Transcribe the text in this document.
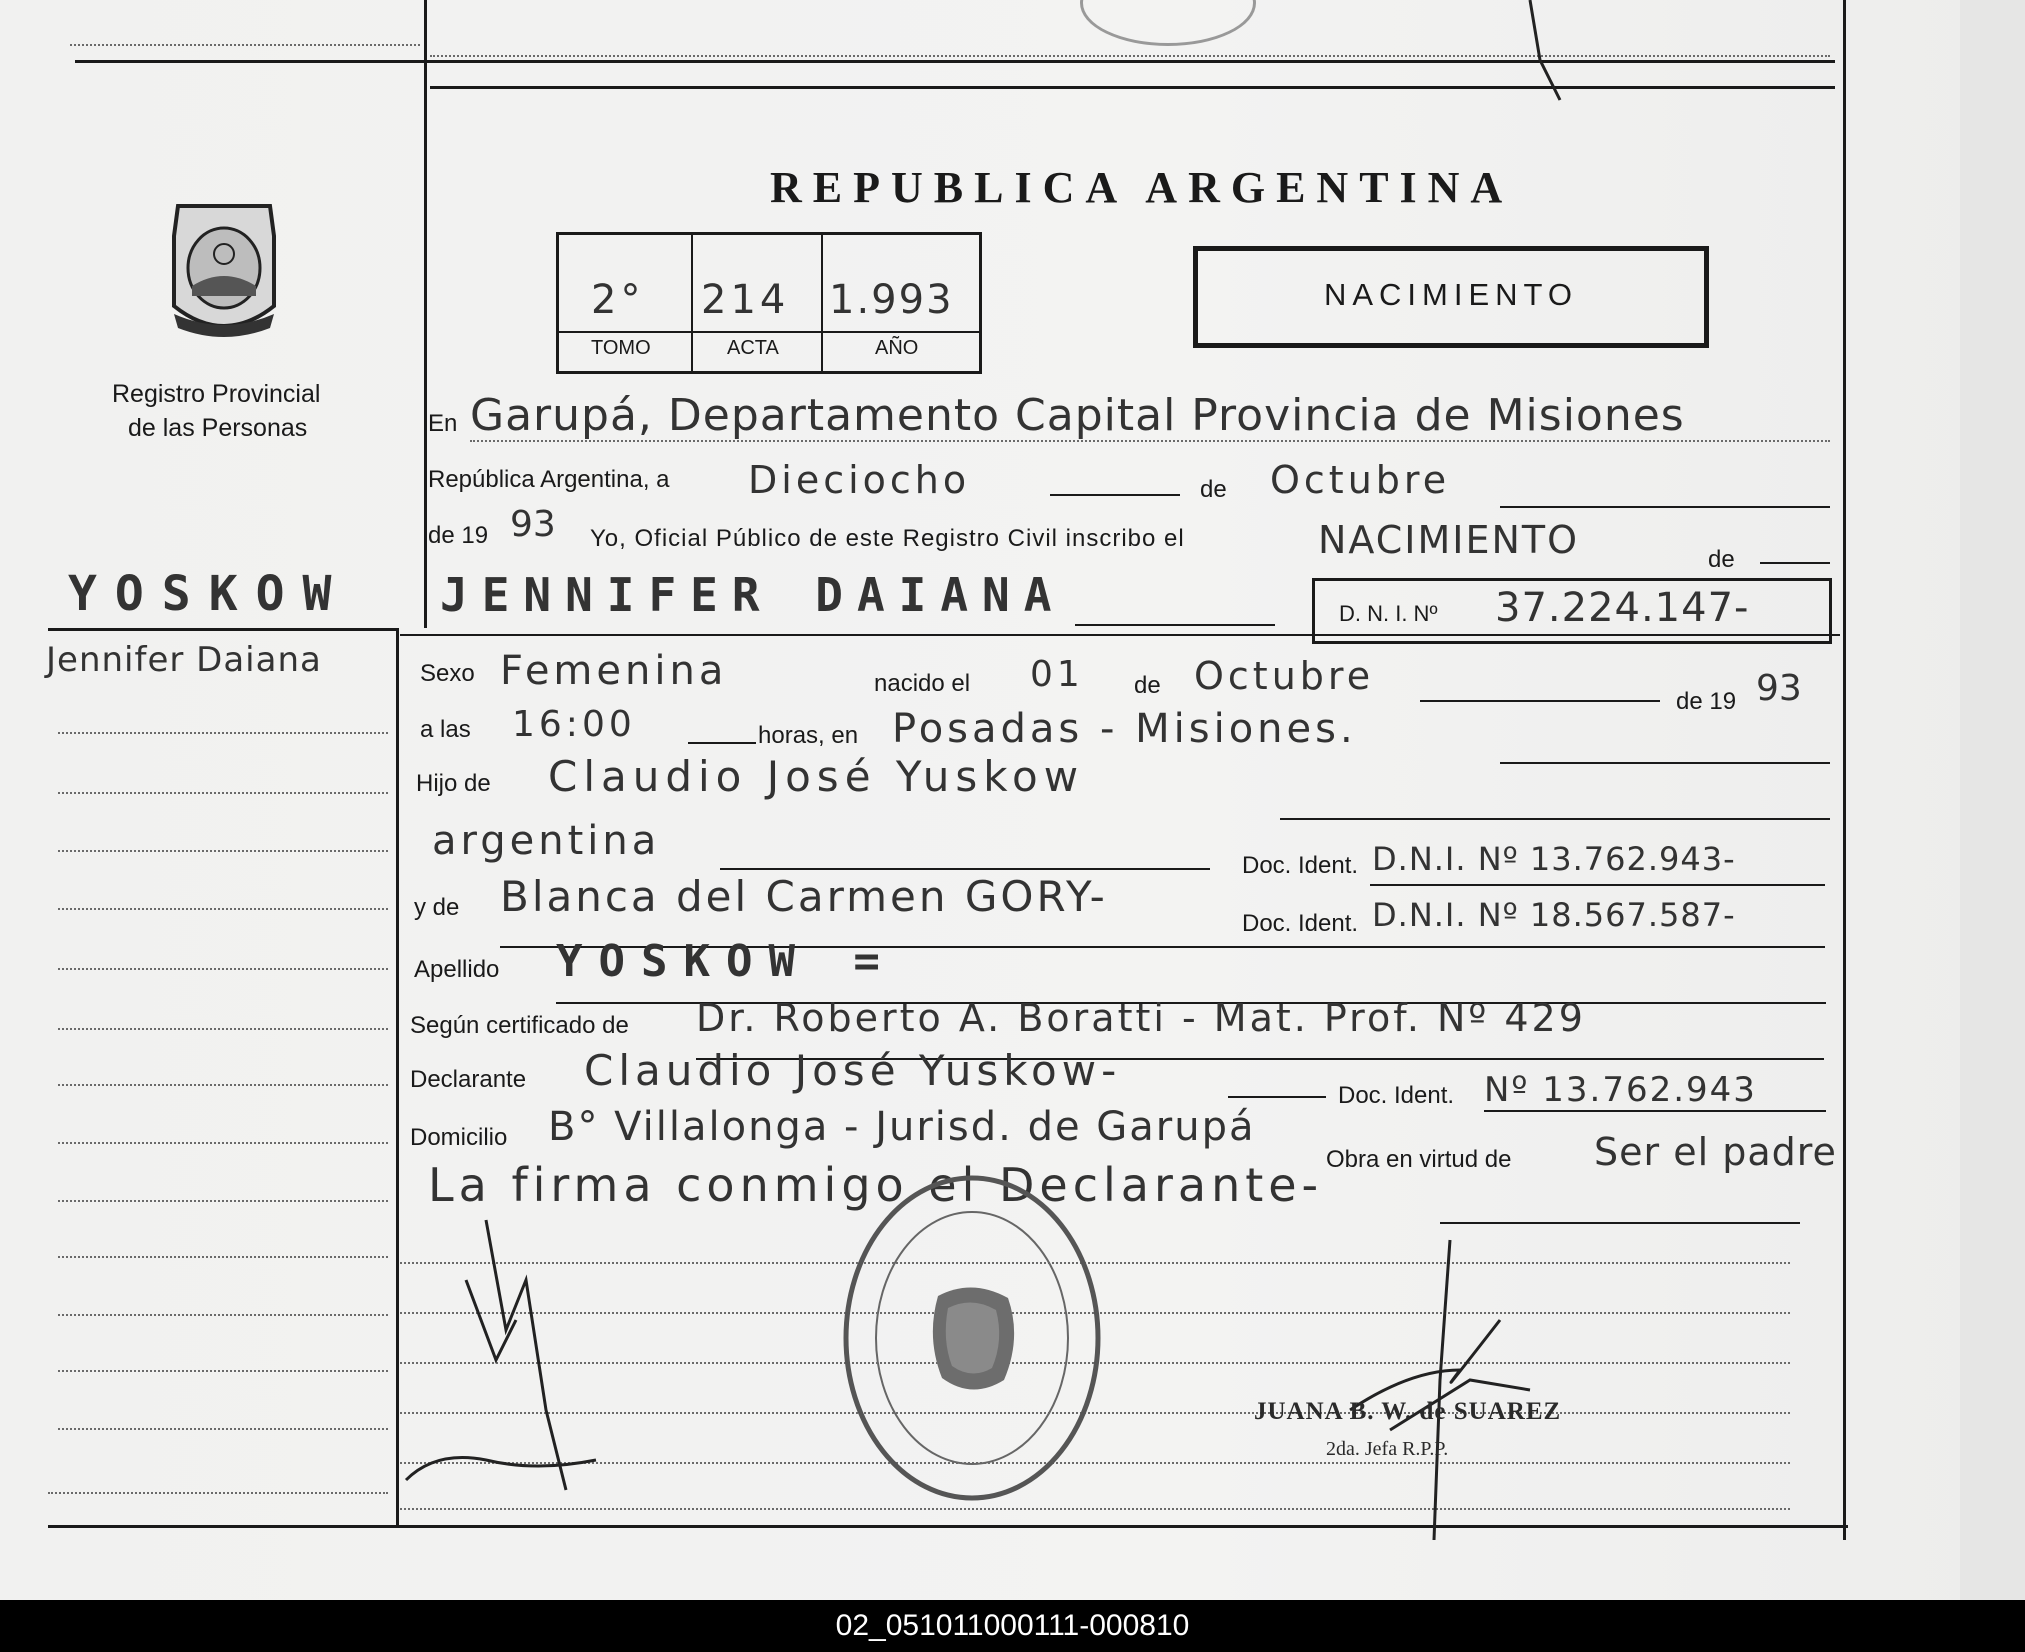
Registro Provincial
de las Personas
REPUBLICA ARGENTINA
2° 214 1.993
TOMO	ACTA	AÑO
NACIMIENTO
En Garupá, Departamento Capital Provincia de Misiones
República Argentina, a Dieciocho	de Octubre
de 19 93 Yo, Oficial Público de este Registro Civil inscribo el	NACIMIENTO	de
JENNIFER DAIANA	D. N. I. Nº 37.224.147-
YOSKOW
Jennifer Daiana	Sexo Femenina	nacido el 01 de Octubre
de 19 93
a las 16:00	horas, en Posadas - Misiones.
Hijo de Claudio José Yuskow
argentina
Doc. Ident. D.N.I. Nº 13.762.943-
y de Blanca del Carmen GORY-
Doc. Ident. D.N.I. Nº 18.567.587-
Apellido YOSKOW =
Según certificado de Dr. Roberto A. Boratti - Mat. Prof. Nº 429
Declarante Claudio José Yuskow-
Doc. Ident. Nº 13.762.943
Domicilio B° Villalonga - Jurisd. de Garupá
Obra en virtud de Ser el padre
La firma conmigo el Declarante-
JUANA B. W. de SUAREZ
2da. Jefa R.P.P.
02_051011000111-000810
